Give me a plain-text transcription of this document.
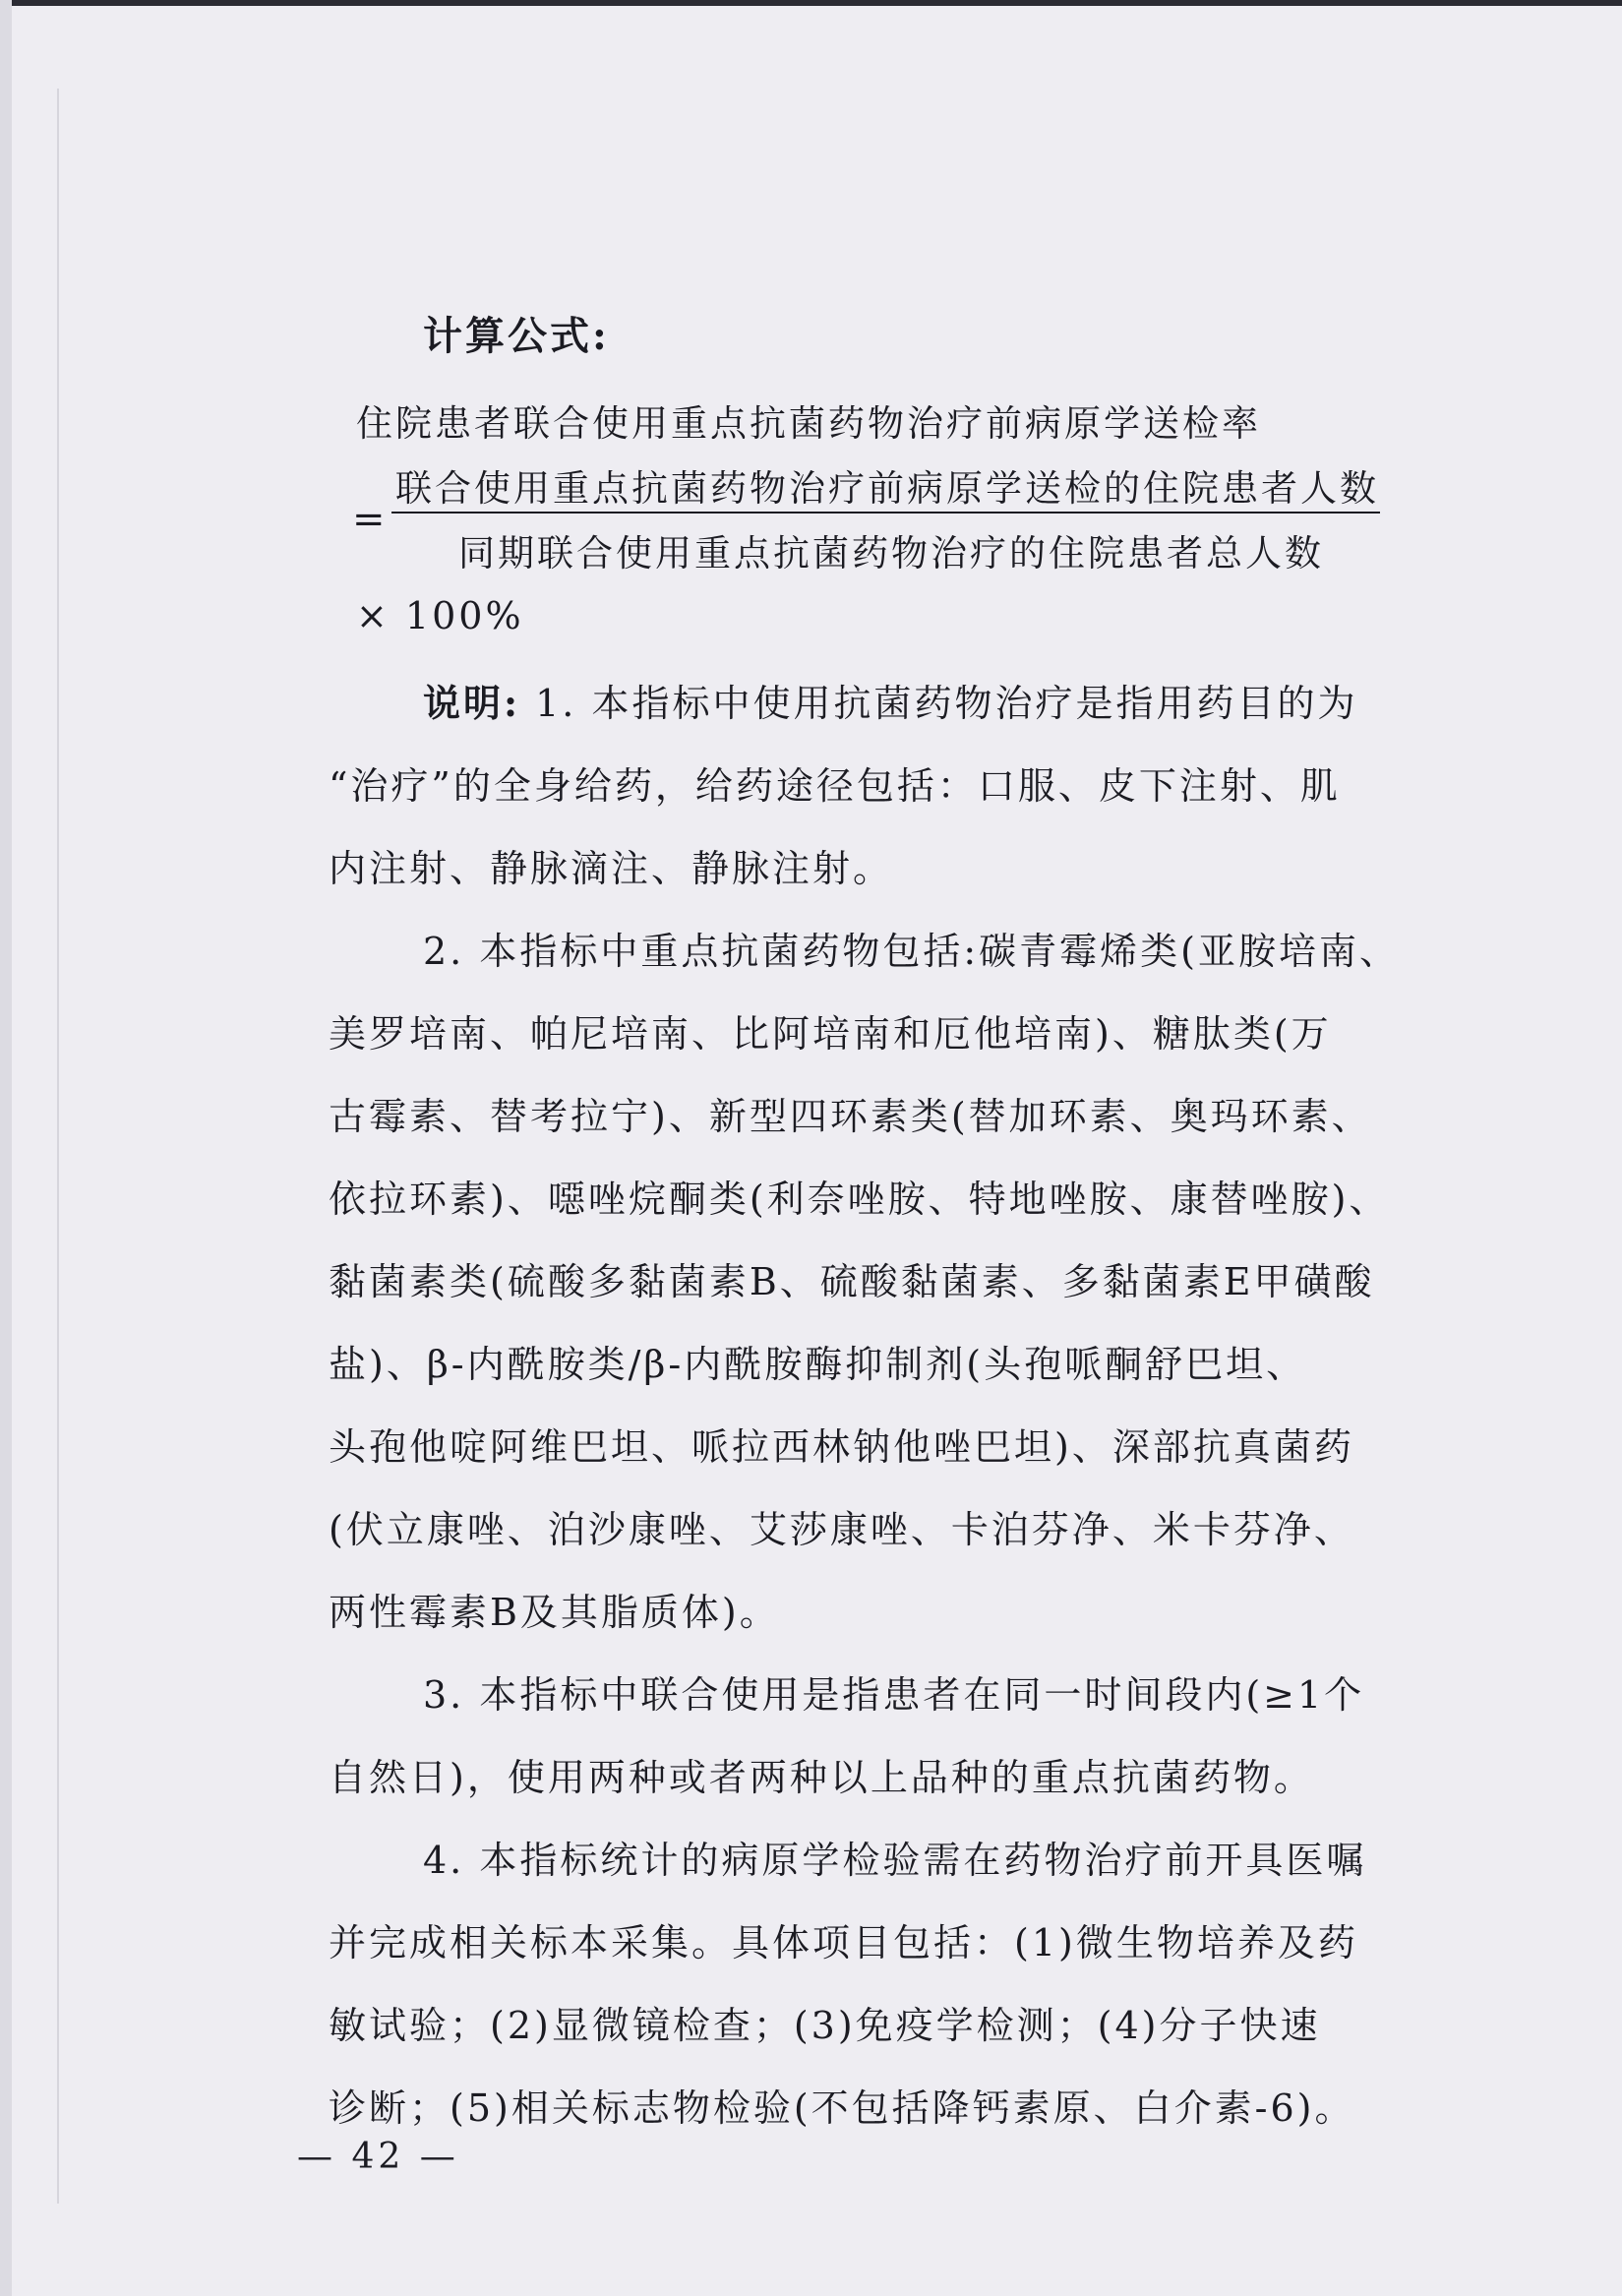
计算公式:
住院患者联合使用重点抗菌药物治疗前病原学送检率
=
联合使用重点抗菌药物治疗前病原学送检的住院患者人数
同期联合使用重点抗菌药物治疗的住院患者总人数
× 100%
说明: 1. 本指标中使用抗菌药物治疗是指用药目的为
“治疗”的全身给药，给药途径包括：口服、皮下注射、肌
内注射、静脉滴注、静脉注射。
2. 本指标中重点抗菌药物包括:碳青霉烯类(亚胺培南、
美罗培南、帕尼培南、比阿培南和厄他培南)、糖肽类(万
古霉素、替考拉宁)、新型四环素类(替加环素、奥玛环素、
依拉环素)、噁唑烷酮类(利奈唑胺、特地唑胺、康替唑胺)、
黏菌素类(硫酸多黏菌素B、硫酸黏菌素、多黏菌素E甲磺酸
盐)、β-内酰胺类/β-内酰胺酶抑制剂(头孢哌酮舒巴坦、
头孢他啶阿维巴坦、哌拉西林钠他唑巴坦)、深部抗真菌药
(伏立康唑、泊沙康唑、艾莎康唑、卡泊芬净、米卡芬净、
两性霉素B及其脂质体)。
3. 本指标中联合使用是指患者在同一时间段内(≥1个
自然日)，使用两种或者两种以上品种的重点抗菌药物。
4. 本指标统计的病原学检验需在药物治疗前开具医嘱
并完成相关标本采集。具体项目包括：(1)微生物培养及药
敏试验；(2)显微镜检查；(3)免疫学检测；(4)分子快速
诊断；(5)相关标志物检验(不包括降钙素原、白介素-6)。
— 42 —
